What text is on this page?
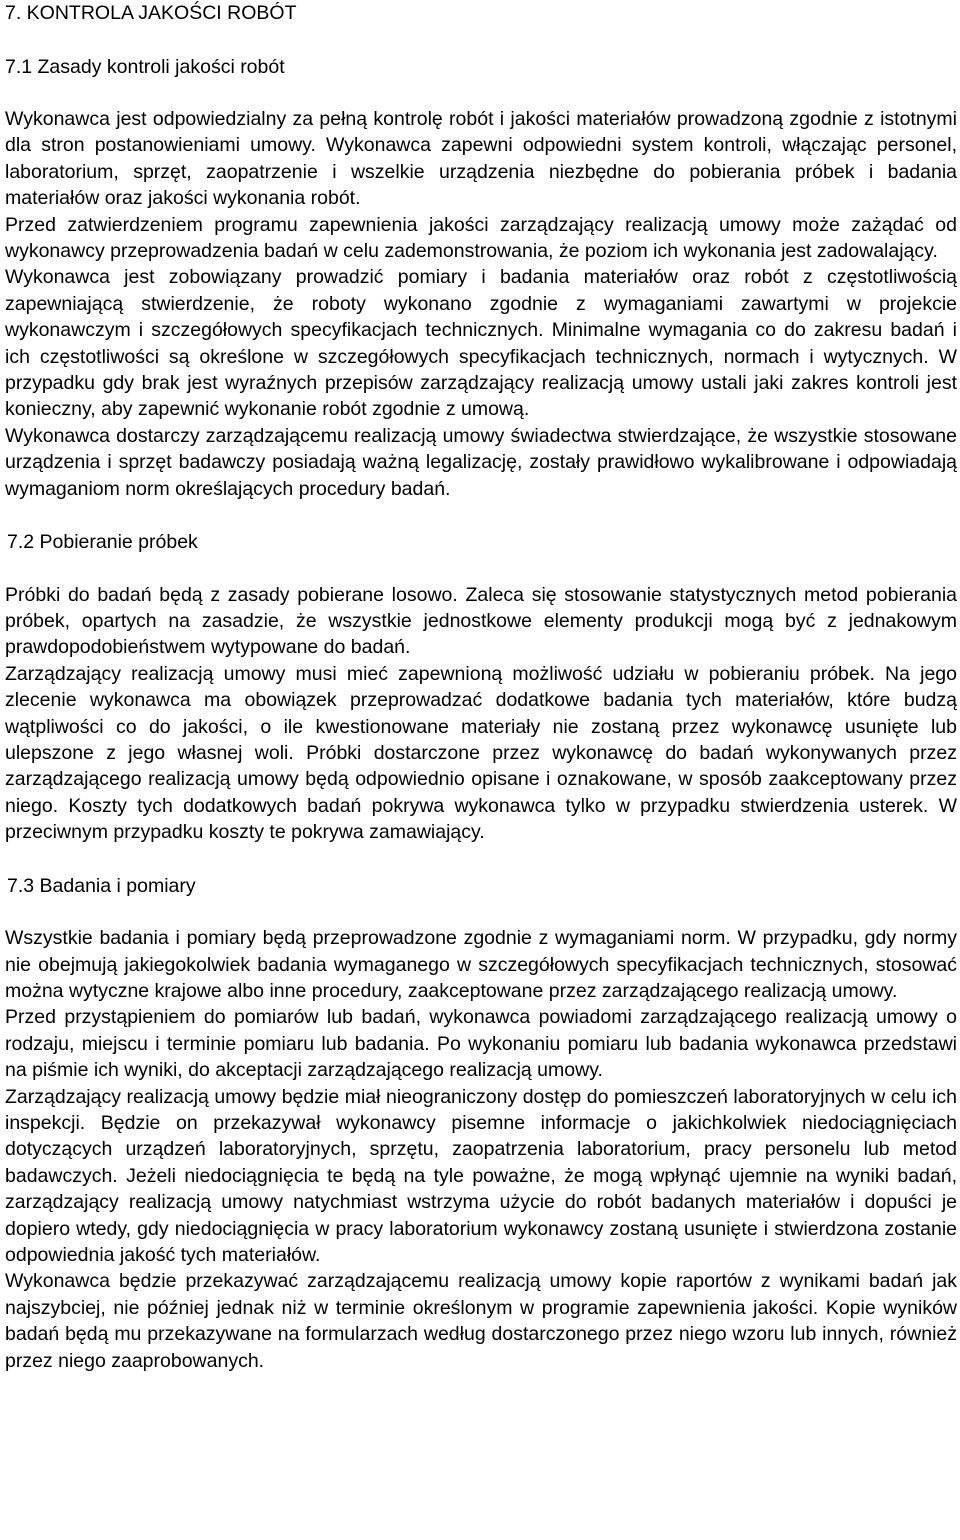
7. KONTROLA JAKOŚCI ROBÓT
7.1 Zasady kontroli jakości robót

Wykonawca jest odpowiedzialny za pełną kontrolę robót i jakości materiałów prowadzoną zgodnie z istotnymi dla stron postanowieniami umowy. Wykonawca zapewni odpowiedni system kontroli, włączając personel, laboratorium, sprzęt, zaopatrzenie i wszelkie urządzenia niezbędne do pobierania próbek i badania materiałów oraz jakości wykonania robót.

Przed zatwierdzeniem programu zapewnienia jakości zarządzający realizacją umowy może zażądać od wykonawcy przeprowadzenia badań w celu zademonstrowania, że poziom ich wykonania jest zadowalający.

Wykonawca jest zobowiązany prowadzić pomiary i badania materiałów oraz robót z częstotliwością zapewniającą stwierdzenie, że roboty wykonano zgodnie z wymaganiami zawartymi w projekcie wykonawczym i szczegółowych specyfikacjach technicznych. Minimalne wymagania co do zakresu badań i ich częstotliwości są określone w szczegółowych specyfikacjach technicznych, normach i wytycznych. W przypadku gdy brak jest wyraźnych przepisów zarządzający realizacją umowy ustali jaki zakres kontroli jest konieczny, aby zapewnić wykonanie robót zgodnie z umową.

Wykonawca dostarczy zarządzającemu realizacją umowy świadectwa stwierdzające, że wszystkie stosowane urządzenia i sprzęt badawczy posiadają ważną legalizację, zostały prawidłowo wykalibrowane i odpowiadają wymaganiom norm określających procedury badań.

7.2 Pobieranie próbek

Próbki do badań będą z zasady pobierane losowo. Zaleca się stosowanie statystycznych metod pobierania próbek, opartych na zasadzie, że wszystkie jednostkowe elementy produkcji mogą być z jednakowym prawdopodobieństwem wytypowane do badań.

Zarządzający realizacją umowy musi mieć zapewnioną możliwość udziału w pobieraniu próbek. Na jego zlecenie wykonawca ma obowiązek przeprowadzać dodatkowe badania tych materiałów, które budzą wątpliwości co do jakości, o ile kwestionowane materiały nie zostaną przez wykonawcę usunięte lub ulepszone z jego własnej woli. Próbki dostarczone przez wykonawcę do badań wykonywanych przez zarządzającego realizacją umowy będą odpowiednio opisane i oznakowane, w sposób zaakceptowany przez niego. Koszty tych dodatkowych badań pokrywa wykonawca tylko w przypadku stwierdzenia usterek. W przeciwnym przypadku koszty te pokrywa zamawiający.

7.3 Badania i pomiary

Wszystkie badania i pomiary będą przeprowadzone zgodnie z wymaganiami norm. W przypadku, gdy normy nie obejmują jakiegokolwiek badania wymaganego w szczegółowych specyfikacjach technicznych, stosować można wytyczne krajowe albo inne procedury, zaakceptowane przez zarządzającego realizacją umowy.

Przed przystąpieniem do pomiarów lub badań, wykonawca powiadomi zarządzającego realizacją umowy o rodzaju, miejscu i terminie pomiaru lub badania. Po wykonaniu pomiaru lub badania wykonawca przedstawi na piśmie ich wyniki, do akceptacji zarządzającego realizacją umowy.

Zarządzający realizacją umowy będzie miał nieograniczony dostęp do pomieszczeń laboratoryjnych w celu ich inspekcji. Będzie on przekazywał wykonawcy pisemne informacje o jakichkolwiek niedociągnięciach dotyczących urządzeń laboratoryjnych, sprzętu, zaopatrzenia laboratorium, pracy personelu lub metod badawczych. Jeżeli niedociągnięcia te będą na tyle poważne, że mogą wpłynąć ujemnie na wyniki badań, zarządzający realizacją umowy natychmiast wstrzyma użycie do robót badanych materiałów i dopuści je dopiero wtedy, gdy niedociągnięcia w pracy laboratorium wykonawcy zostaną usunięte i stwierdzona zostanie odpowiednia jakość tych materiałów.

Wykonawca będzie przekazywać zarządzającemu realizacją umowy kopie raportów z wynikami badań jak najszybciej, nie później jednak niż w terminie określonym w programie zapewnienia jakości. Kopie wyników badań będą mu przekazywane na formularzach według dostarczonego przez niego wzoru lub innych, również przez niego zaaprobowanych.
